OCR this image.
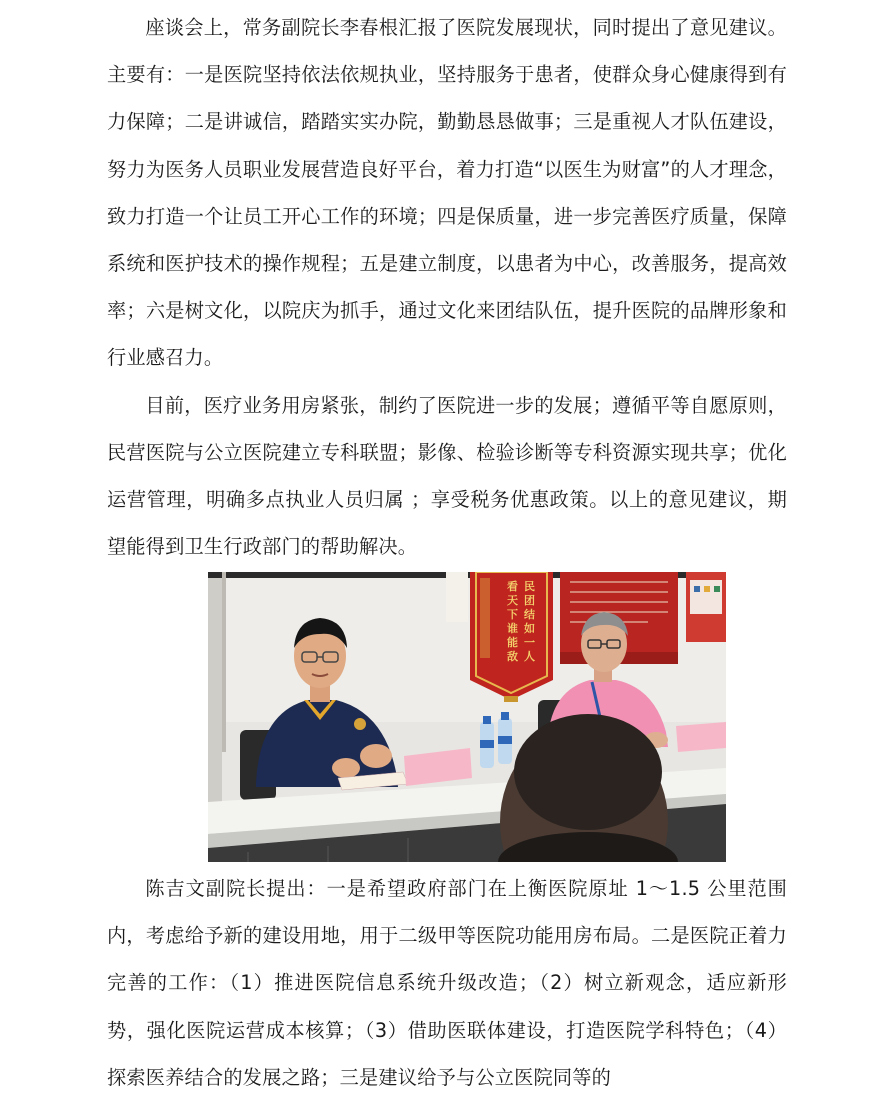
座谈会上，常务副院长李春根汇报了医院发展现状，同时提出了意见建议。主要有：一是医院坚持依法依规执业，坚持服务于患者，使群众身心健康得到有力保障；二是讲诚信，踏踏实实办院，勤勤恳恳做事；三是重视人才队伍建设，努力为医务人员职业发展营造良好平台，着力打造“以医生为财富”的人才理念，致力打造一个让员工开心工作的环境；四是保质量，进一步完善医疗质量，保障系统和医护技术的操作规程；五是建立制度，以患者为中心，改善服务，提高效率；六是树文化，以院庆为抓手，通过文化来团结队伍，提升医院的品牌形象和行业感召力。

目前，医疗业务用房紧张，制约了医院进一步的发展；遵循平等自愿原则，民营医院与公立医院建立专科联盟；影像、检验诊断等专科资源实现共享；优化运营管理，明确多点执业人员归属 ；享受税务优惠政策。以上的意见建议，期望能得到卫生行政部门的帮助解决。

民
团
结
如
一
人
看
天
下
谁
能
敌

陈吉文副院长提出：一是希望政府部门在上衡医院原址 1～1.5 公里范围内，考虑给予新的建设用地，用于二级甲等医院功能用房布局。二是医院正着力完善的工作：（1）推进医院信息系统升级改造；（2）树立新观念，适应新形势，强化医院运营成本核算；（3）借助医联体建设，打造医院学科特色；（4）探索医养结合的发展之路；三是建议给予与公立医院同等的
